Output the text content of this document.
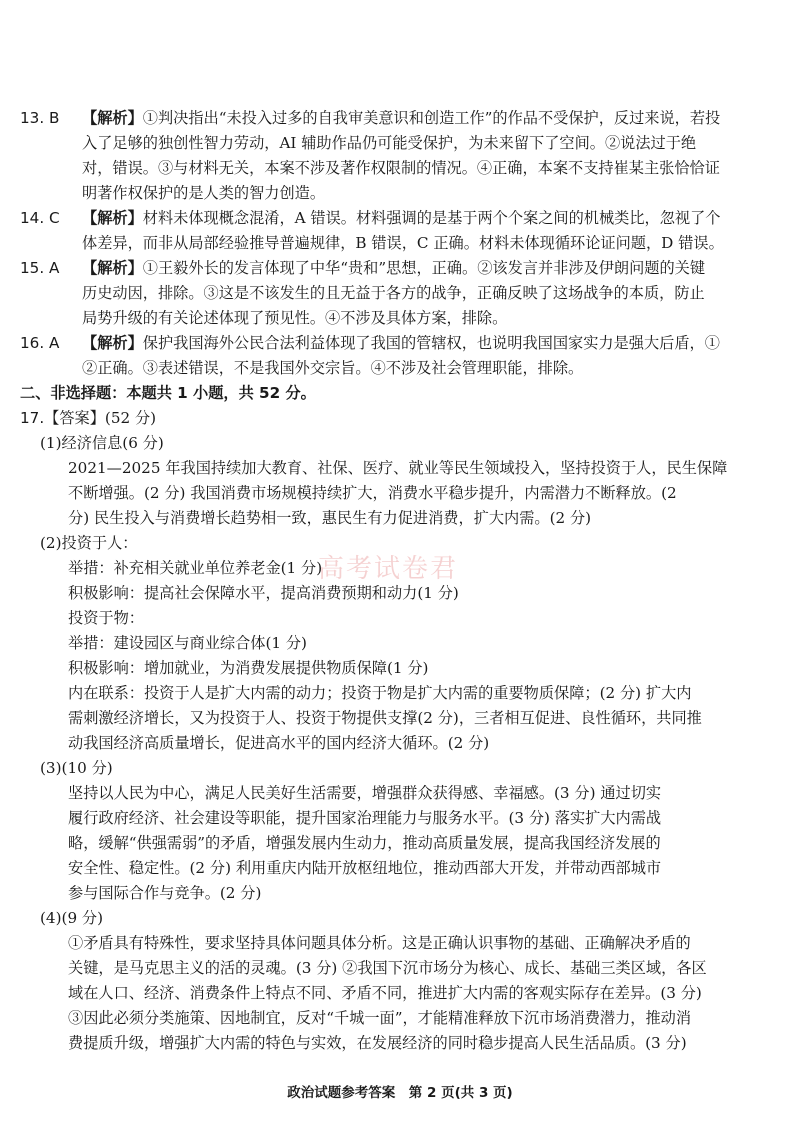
高考试卷君
13. B 【解析】①判决指出“未投入过多的自我审美意识和创造工作”的作品不受保护，反过来说，若投
入了足够的独创性智力劳动，AI 辅助作品仍可能受保护，为未来留下了空间。②说法过于绝
对，错误。③与材料无关，本案不涉及著作权限制的情况。④正确，本案不支持崔某主张恰恰证
明著作权保护的是人类的智力创造。
14. C 【解析】材料未体现概念混淆，A 错误。材料强调的是基于两个个案之间的机械类比，忽视了个
体差异，而非从局部经验推导普遍规律，B 错误，C 正确。材料未体现循环论证问题，D 错误。
15. A 【解析】①王毅外长的发言体现了中华“贵和”思想，正确。②该发言并非涉及伊朗问题的关键
历史动因，排除。③这是不该发生的且无益于各方的战争，正确反映了这场战争的本质，防止
局势升级的有关论述体现了预见性。④不涉及具体方案，排除。
16. A 【解析】保护我国海外公民合法利益体现了我国的管辖权，也说明我国国家实力是强大后盾，①
②正确。③表述错误，不是我国外交宗旨。④不涉及社会管理职能，排除。
二、非选择题：本题共 1 小题，共 52 分。
17.【答案】(52 分)
(1)经济信息(6 分)
2021—2025 年我国持续加大教育、社保、医疗、就业等民生领域投入，坚持投资于人，民生保障
不断增强。(2 分) 我国消费市场规模持续扩大，消费水平稳步提升，内需潜力不断释放。(2
分) 民生投入与消费增长趋势相一致，惠民生有力促进消费，扩大内需。(2 分)
(2)投资于人：
举措：补充相关就业单位养老金(1 分)
积极影响：提高社会保障水平，提高消费预期和动力(1 分)
投资于物：
举措：建设园区与商业综合体(1 分)
积极影响：增加就业，为消费发展提供物质保障(1 分)
内在联系：投资于人是扩大内需的动力；投资于物是扩大内需的重要物质保障；(2 分) 扩大内
需刺激经济增长，又为投资于人、投资于物提供支撑(2 分)，三者相互促进、良性循环，共同推
动我国经济高质量增长，促进高水平的国内经济大循环。(2 分)
(3)(10 分)
坚持以人民为中心，满足人民美好生活需要，增强群众获得感、幸福感。(3 分) 通过切实
履行政府经济、社会建设等职能，提升国家治理能力与服务水平。(3 分) 落实扩大内需战
略，缓解“供强需弱”的矛盾，增强发展内生动力，推动高质量发展，提高我国经济发展的
安全性、稳定性。(2 分) 利用重庆内陆开放枢纽地位，推动西部大开发，并带动西部城市
参与国际合作与竞争。(2 分)
(4)(9 分)
①矛盾具有特殊性，要求坚持具体问题具体分析。这是正确认识事物的基础、正确解决矛盾的
关键，是马克思主义的活的灵魂。(3 分) ②我国下沉市场分为核心、成长、基础三类区域，各区
域在人口、经济、消费条件上特点不同、矛盾不同，推进扩大内需的客观实际存在差异。(3 分)
③因此必须分类施策、因地制宜，反对“千城一面”，才能精准释放下沉市场消费潜力，推动消
费提质升级，增强扩大内需的特色与实效，在发展经济的同时稳步提高人民生活品质。(3 分)
政治试题参考答案　第 2 页(共 3 页)
